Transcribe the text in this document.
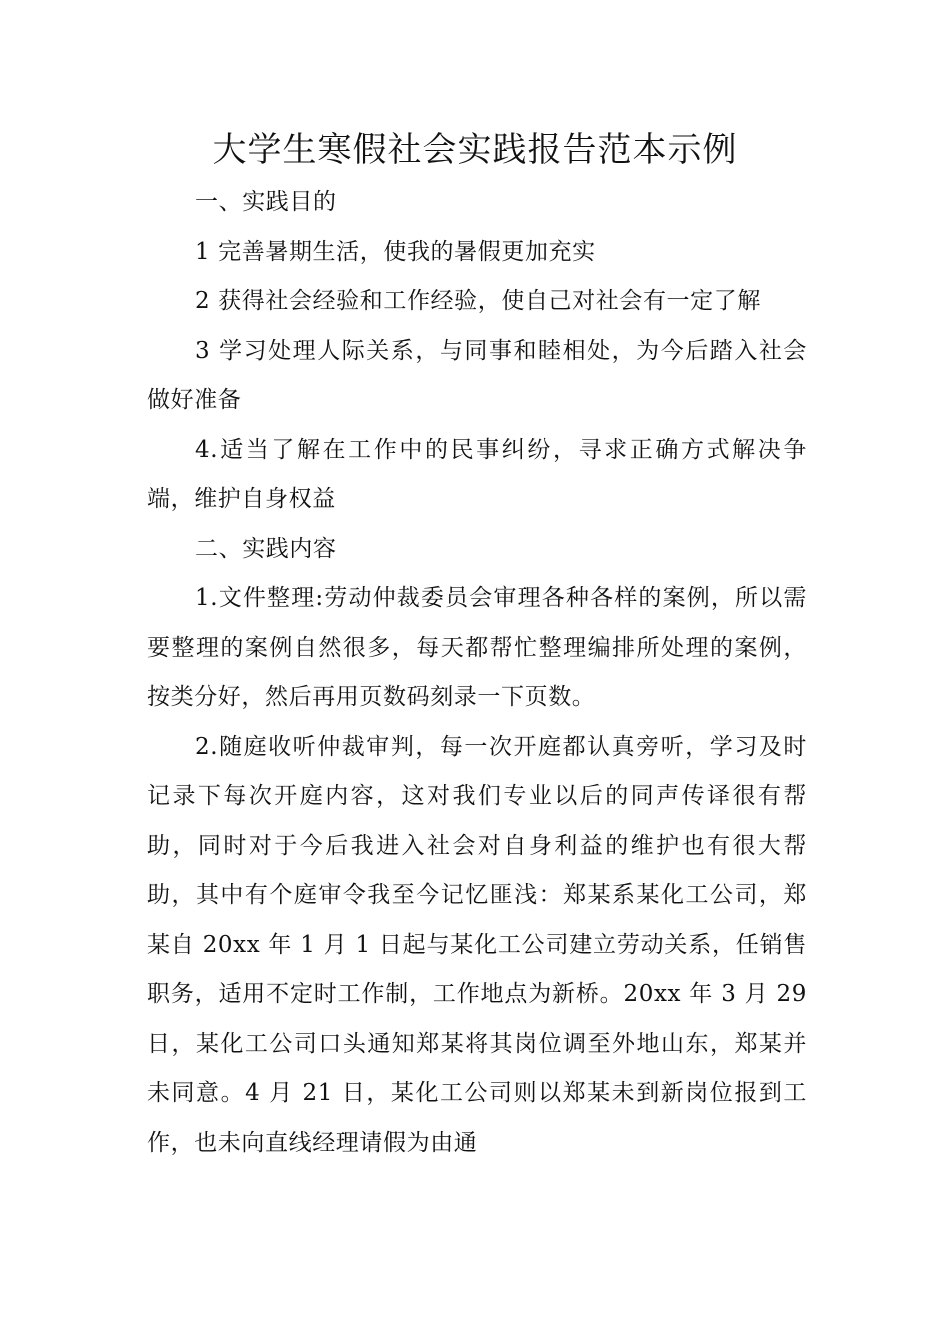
大学生寒假社会实践报告范本示例

一、实践目的

1 完善暑期生活，使我的暑假更加充实

2 获得社会经验和工作经验，使自己对社会有一定了解

3 学习处理人际关系，与同事和睦相处，为今后踏入社会做好准备

4.适当了解在工作中的民事纠纷，寻求正确方式解决争端，维护自身权益

二、实践内容

1.文件整理:劳动仲裁委员会审理各种各样的案例，所以需要整理的案例自然很多，每天都帮忙整理编排所处理的案例，按类分好，然后再用页数码刻录一下页数。

2.随庭收听仲裁审判，每一次开庭都认真旁听，学习及时记录下每次开庭内容，这对我们专业以后的同声传译很有帮助，同时对于今后我进入社会对自身利益的维护也有很大帮助，其中有个庭审令我至今记忆匪浅：郑某系某化工公司，郑某自 20xx 年 1 月 1 日起与某化工公司建立劳动关系，任销售职务，适用不定时工作制，工作地点为新桥。20xx 年 3 月 29 日，某化工公司口头通知郑某将其岗位调至外地山东，郑某并未同意。4 月 21 日，某化工公司则以郑某未到新岗位报到工作，也未向直线经理请假为由通
